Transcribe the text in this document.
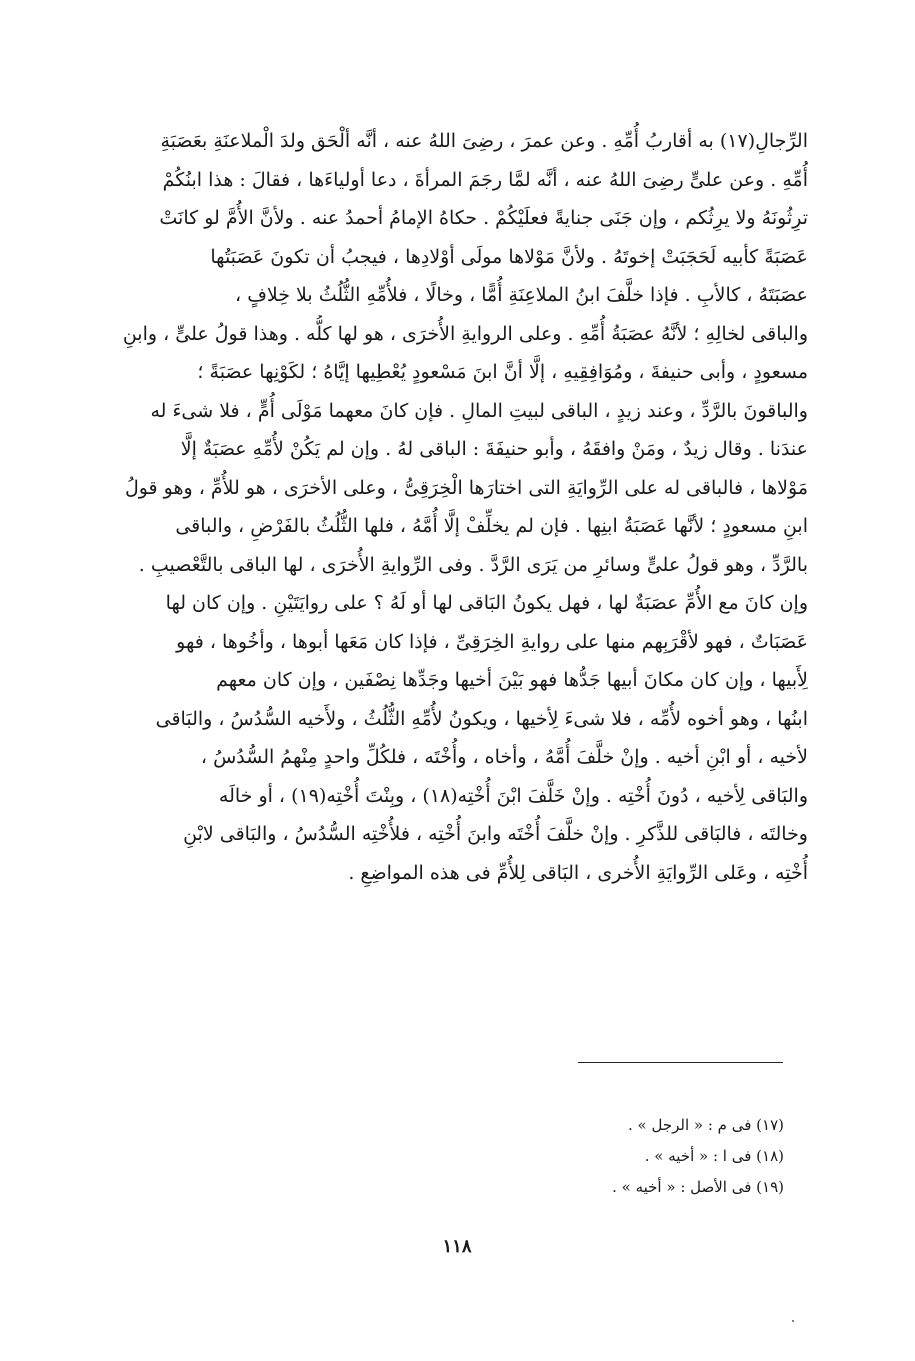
الرِّجالِ(١٧) به أقاربُ أُمِّهِ . وعن عمرَ ، رضِىَ اللهُ عنه ، أنَّه ألْحَق ولدَ الْملاعنَةِ بعَصَبَةِ
أُمِّهِ . وعن علىٍّ رضِىَ اللهُ عنه ، أنَّه لمَّا رجَمَ المرأةَ ، دعا أولياءَها ، فقالَ : هذا ابنُكُمْ
ترِثُونَهُ ولا يرِثُكم ، وإن جَنَى جنايةً فعلَيْكُمْ . حكاهُ الإمامُ أحمدُ عنه . ولأنَّ الأُمَّ لو كانَتْ
عَصَبَةً كأبيه لَحَجَبَتْ إخوتَهُ . ولأنَّ مَوْلاها مولَى أوْلادِها ، فيجبُ أن تكونَ عَصَبَتُها
عصَبَتَهُ ، كالأبِ . فإذا خلَّفَ ابنُ الملاعِنَةِ أُمًّا ، وخالًا ، فلأُمِّهِ الثُّلُثُ بلا خِلافٍ ،
والباقى لخالِهِ ؛ لأنَّهُ عصَبَةُ أُمِّهِ . وعلى الروايةِ الأُخرَى ، هو لها كلُّه . وهذا قولُ علىٍّ ، وابنِ
مسعودٍ ، وأبى حنيفةَ ، ومُوَافِقِيهِ ، إلَّا أنَّ ابنَ مَسْعودٍ يُعْطِيها إيَّاهُ ؛ لكَوْنِها عصَبَةً ؛
والباقونَ بالرَّدِّ ، وعند زيدٍ ، الباقى لبيتِ المالِ . فإن كانَ معهما مَوْلَى أُمٍّ ، فلا شىءَ له
عندَنا . وقال زيدٌ ، ومَنْ وافقَهُ ، وأبو حنيفَةَ : الباقى لهُ . وإن لم يَكُنْ لأُمِّهِ عصَبَةٌ إلَّا
مَوْلاها ، فالباقى له على الرِّوايَةِ التى اختارَها الْخِرَقِىُّ ، وعلى الأخرَى ، هو للأُمِّ ، وهو قولُ
ابنِ مسعودٍ ؛ لأنَّها عَصَبَةُ ابنِها . فإن لم يخلِّفْ إلَّا أُمَّهُ ، فلها الثُّلُثُ بالفَرْضِ ، والباقى
بالرَّدِّ ، وهو قولُ علىٍّ وسائرِ من يَرَى الرَّدَّ . وفى الرِّوايةِ الأُخرَى ، لها الباقى بالتَّعْصيبِ .
وإن كانَ مع الأُمِّ عصَبَةٌ لها ، فهل يكونُ البَاقى لها أو لَهُ ؟ على روايَتَيْنِ . وإن كان لها
عَصَبَاتٌ ، فهو لأقْرَبِهم منها على روايةِ الخِرَقِىِّ ، فإذا كان مَعَها أبوها ، وأخُوها ، فهو
لِأَبيها ، وإن كان مكانَ أبيها جَدُّها فهو بَيْنَ أخيها وجَدِّها نِصْفَين ، وإن كان معهم
ابنُها ، وهو أخوه لأُمِّه ، فلا شىءَ لِأخيها ، ويكونُ لأُمِّهِ الثُّلُثُ ، ولأَخيه السُّدُسُ ، والبَاقى
لأخيه ، أو ابْنِ أخيه . وإنْ خلَّفَ أُمَّهُ ، وأخاه ، وأُخْتَه ، فلكُلِّ واحدٍ مِنْهمُ السُّدُسُ ،
والبَاقى لِأخيه ، دُونَ أُخْتِه . وإنْ خَلَّفَ ابْنَ أُخْتِه(١٨) ، وبِنْتَ أُخْتِه(١٩) ، أو خالَه
وخالتَه ، فالبَاقى للذَّكرِ . وإنْ خلَّفَ أُخْتَه وابنَ أُخْتِه ، فلأُخْتِه السُّدُسُ ، والبَاقى لابْنِ
أُخْتِه ، وعَلى الرِّوايَةِ الأُخرى ، البَاقى لِلأُمِّ فى هذه المواضِعِ .
(١٧) فى م : « الرجل » .
(١٨) فى ا : « أخيه » .
(١٩) فى الأصل : « أخيه » .
١١٨
